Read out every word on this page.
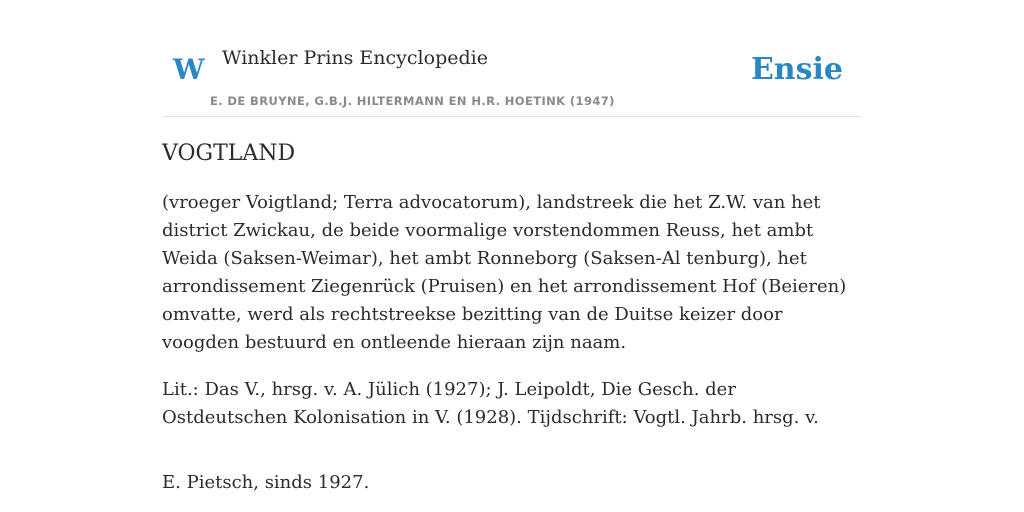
W Winkler Prins Encyclopedie
E. DE BRUYNE, G.B.J. HILTERMANN EN H.R. HOETINK (1947)
Ensie
VOGTLAND

(vroeger Voigtland; Terra advocatorum), landstreek die het Z.W. van het district Zwickau, de beide voormalige vorstendommen Reuss, het ambt Weida (Saksen-Weimar), het ambt Ronneborg (Saksen-Al tenburg), het arrondissement Ziegenrück (Pruisen) en het arrondissement Hof (Beieren) omvatte, werd als rechtstreekse bezitting van de Duitse keizer door voogden bestuurd en ontleende hieraan zijn naam.

Lit.: Das V., hrsg. v. A. Jülich (1927); J. Leipoldt, Die Gesch. der Ostdeutschen Kolonisation in V. (1928). Tijdschrift: Vogtl. Jahrb. hrsg. v.

E. Pietsch, sinds 1927.
